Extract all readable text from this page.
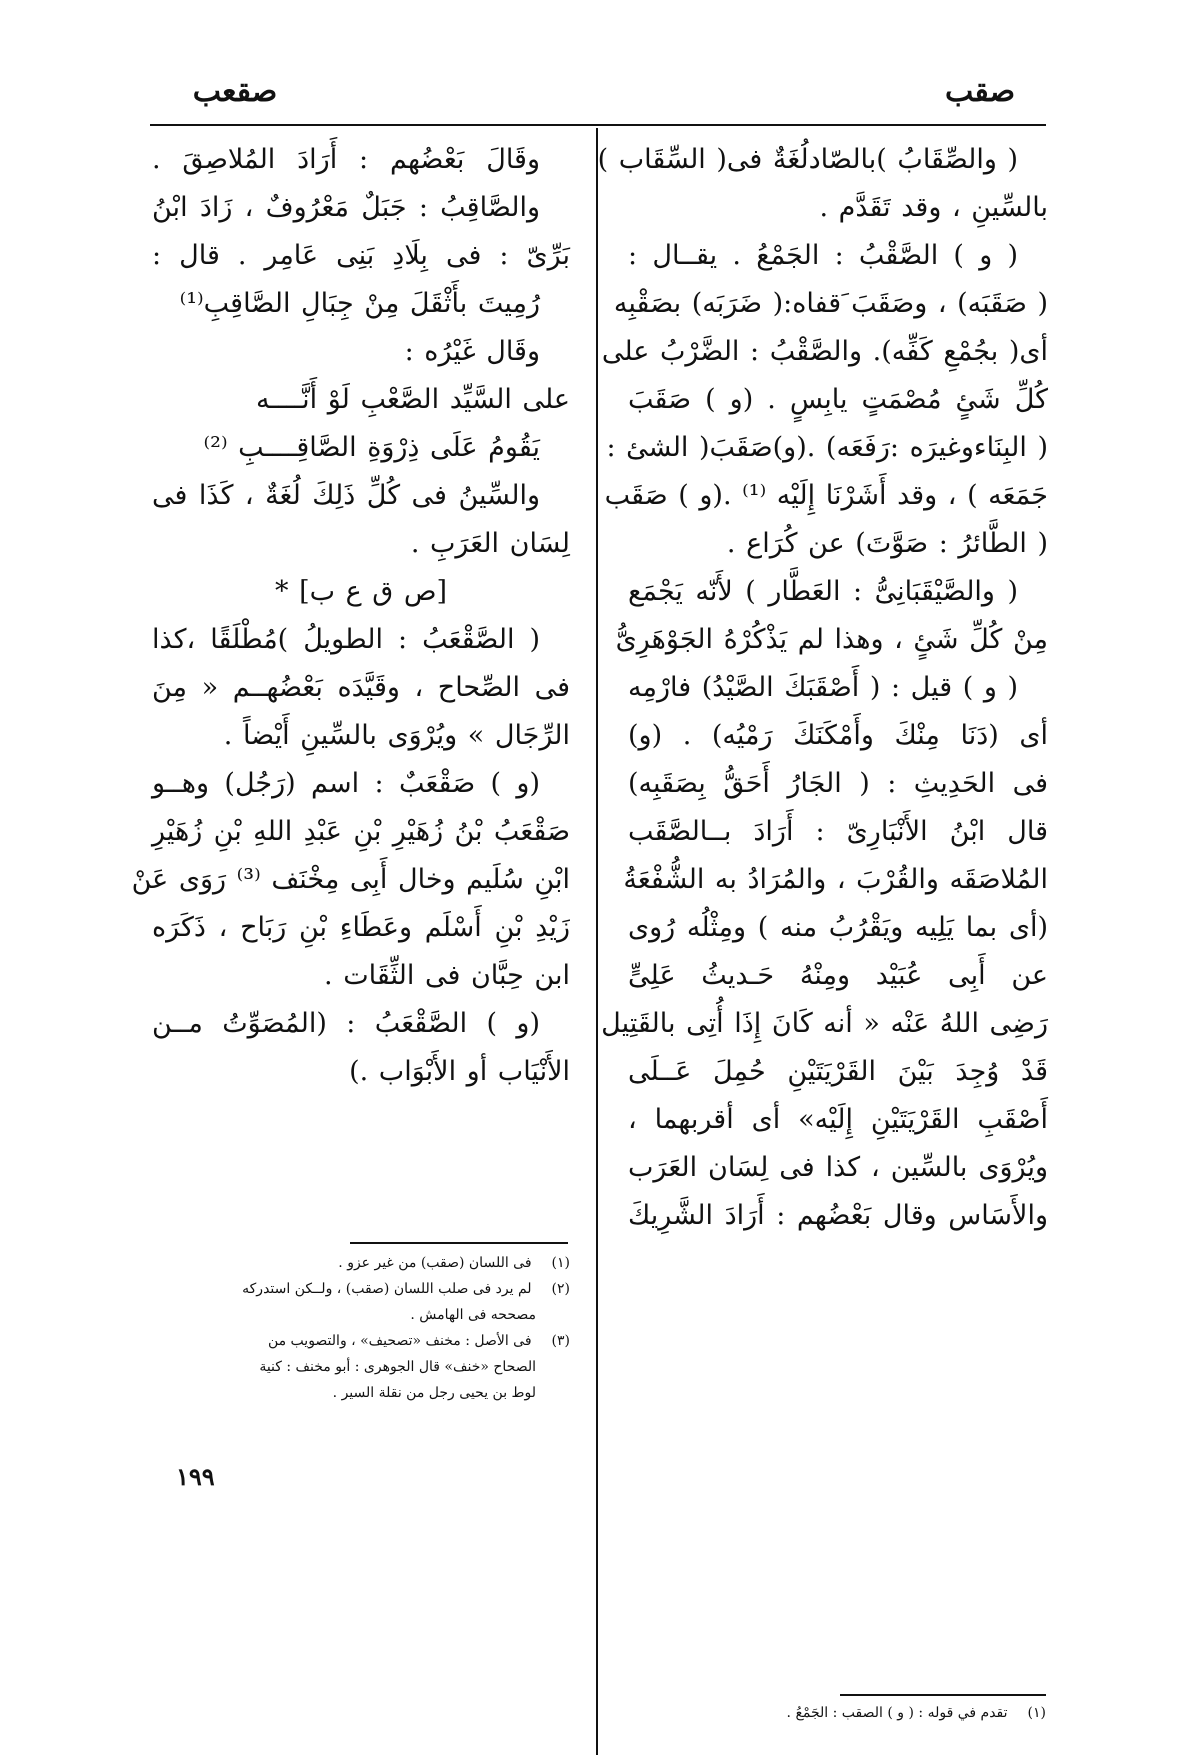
صقب
صقعب
( والصِّقَابُ )بالصّادلُغَةٌ فى( السِّقَاب )
بالسِّينِ ، وقد تَقَدَّم .
( و ) الصَّقْبُ : الجَمْعُ . يقــال :
( صَقَبَه) ، وصَقَبَ َقفاه:( ضَرَبَه) بصَقْبِه
أى( بجُمْعِ كَفِّه). والصَّقْبُ : الضَّرْبُ على
كُلِّ شَئٍ مُصْمَتٍ يابِسٍ . (و ) صَقَبَ
( البِنَاءوغيرَه :رَفَعَه) .(و)صَقَبَ( الشئ :
جَمَعَه ) ، وقد أَشَرْنَا إِلَيْه ⁽¹⁾ .(و ) صَقَب
( الطَّائرُ : صَوَّتَ) عن كُرَاع .
( والصَّيْقَبَانِىُّ : العَطَّار ) لأَنّه يَجْمَع
مِنْ كُلِّ شَئٍ ، وهذا لم يَذْكُرْهُ الجَوْهَرِىُّ
( و ) قيل : ( أَصْقَبَكَ الصَّيْدُ) فارْمِه
أى (دَنَا مِنْكَ وأَمْكَنَكَ رَمْيُه) . (و)
فى الحَدِيثِ : ( الجَارُ أَحَقُّ بِصَقَبِه)
قال ابْنُ الأَنْبَارِىّ : أَرَادَ بــالصَّقَب
المُلاصَقَه والقُرْبَ ، والمُرَادُ به الشُّفْعَةُ
(أى بما يَلِيه ويَقْرُبُ منه ) ومِثْلُه رُوى
عن أَبِى عُبَيْد ومِنْهُ حَـديثُ عَلِىٍّ
رَضِى اللهُ عَنْه « أنه كَانَ إِذَا أُتِى بالقَتِيل
قَدْ وُجِدَ بَيْنَ القَرْيَتَيْنِ حُمِلَ عَــلَى
أَصْقَبِ القَرْيَتَيْنِ إِلَيْه» أى أقربهما ،
ويُرْوَى بالسِّين ، كذا فى لِسَان العَرَب
والأَسَاس وقال بَعْضُهم : أَرَادَ الشَّرِيكَ
وقَالَ بَعْضُهم : أَرَادَ المُلاصِقَ .
والصَّاقِبُ : جَبَلٌ مَعْرُوفٌ ، زَادَ ابْنُ
بَرِّىّ : فى بِلَادِ بَنِى عَامِر . قال :
رُمِيتَ بأَثْقَلَ مِنْ جِبَالِ الصَّاقِبِ⁽¹⁾
وقَال غَيْرُه :
على السَّيِّد الصَّعْبِ لَوْ أَنَّــــه
يَقُومُ عَلَى ذِرْوَةِ الصَّاقِــــبِ ⁽²⁾
والسِّينُ فى كُلِّ ذَلِكَ لُغَةٌ ، كَذَا فى
لِسَان العَرَبِ .
[ص ق ع ب] *
( الصَّقْعَبُ : الطويلُ )مُطْلَقًا ،كذا
فى الصِّحاح ، وقَيَّدَه بَعْضُهــم « مِنَ
الرِّجَال » ويُرْوَى بالسِّينِ أَيْضاً .
(و ) صَقْعَبٌ : اسم (رَجُل) وهــو
صَقْعَبُ بْنُ زُهَيْرِ بْنِ عَبْدِ اللهِ بْنِ زُهَيْرِ
ابْنِ سُلَيم وخال أَبِى مِخْنَف ⁽³⁾ رَوَى عَنْ
زَيْدِ بْنِ أَسْلَم وعَطَاءِ بْنِ رَبَاح ، ذَكَرَه
ابن حِبَّان فى الثِّقَات .
(و ) الصَّقْعَبُ : (المُصَوِّتُ مــن
الأَنْيَاب أو الأَبْوَاب .)
(١) فى اللسان (صقب) من غير عزو .
(٢) لم يرد فى صلب اللسان (صقب) ، ولــكن استدركه
مصححه فى الهامش .
(٣) فى الأصل : مخنف «تصحيف» ، والتصويب من
الصحاح «خنف» قال الجوهرى : أبو مخنف : كنية
لوط بن يحيى رجل من نقلة السير .
(١) تقدم في قوله : ( و ) الصقب : الجَمْعُ .
١٩٩
